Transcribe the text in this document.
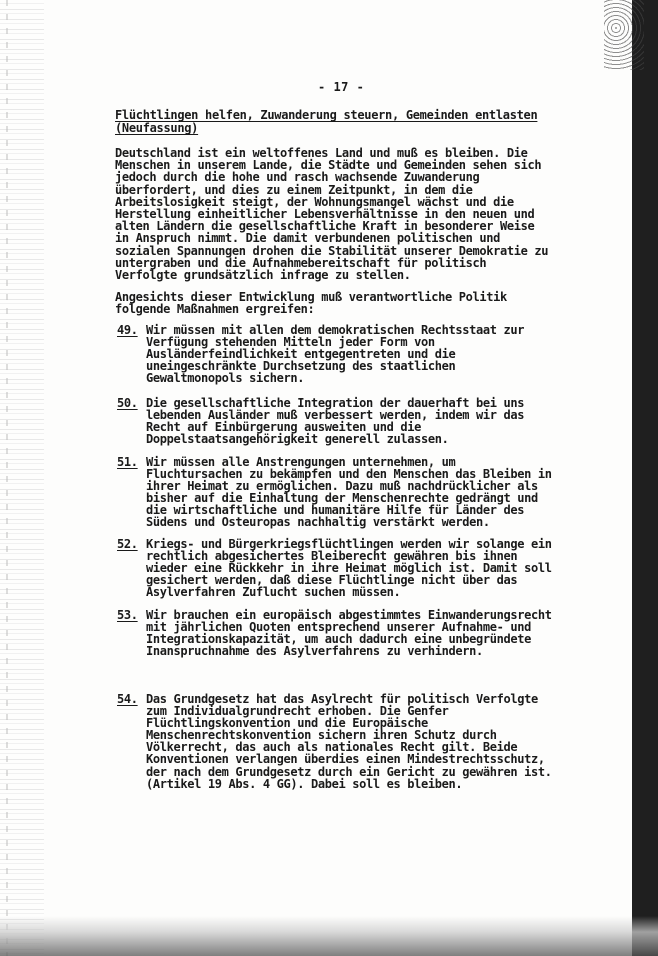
- 17 -
Flüchtlingen helfen, Zuwanderung steuern, Gemeinden entlasten
(Neufassung)

Deutschland ist ein weltoffenes Land und muß es bleiben. Die
Menschen in unserem Lande, die Städte und Gemeinden sehen sich
jedoch durch die hohe und rasch wachsende Zuwanderung
überfordert, und dies zu einem Zeitpunkt, in dem die
Arbeitslosigkeit steigt, der Wohnungsmangel wächst und die
Herstellung einheitlicher Lebensverhältnisse in den neuen und
alten Ländern die gesellschaftliche Kraft in besonderer Weise
in Anspruch nimmt. Die damit verbundenen politischen und
sozialen Spannungen drohen die Stabilität unserer Demokratie zu
untergraben und die Aufnahmebereitschaft für politisch
Verfolgte grundsätzlich infrage zu stellen.

Angesichts dieser Entwicklung muß verantwortliche Politik
folgende Maßnahmen ergreifen:

49. Wir müssen mit allen dem demokratischen Rechtsstaat zur
Verfügung stehenden Mitteln jeder Form von
Ausländerfeindlichkeit entgegentreten und die
uneingeschränkte Durchsetzung des staatlichen
Gewaltmonopols sichern.

50. Die gesellschaftliche Integration der dauerhaft bei uns
lebenden Ausländer muß verbessert werden, indem wir das
Recht auf Einbürgerung ausweiten und die
Doppelstaatsangehörigkeit generell zulassen.

51. Wir müssen alle Anstrengungen unternehmen, um
Fluchtursachen zu bekämpfen und den Menschen das Bleiben in
ihrer Heimat zu ermöglichen. Dazu muß nachdrücklicher als
bisher auf die Einhaltung der Menschenrechte gedrängt und
die wirtschaftliche und humanitäre Hilfe für Länder des
Südens und Osteuropas nachhaltig verstärkt werden.

52. Kriegs- und Bürgerkriegsflüchtlingen werden wir solange ein
rechtlich abgesichertes Bleiberecht gewähren bis ihnen
wieder eine Rückkehr in ihre Heimat möglich ist. Damit soll
gesichert werden, daß diese Flüchtlinge nicht über das
Asylverfahren Zuflucht suchen müssen.

53. Wir brauchen ein europäisch abgestimmtes Einwanderungsrecht
mit jährlichen Quoten entsprechend unserer Aufnahme- und
Integrationskapazität, um auch dadurch eine unbegründete
Inanspruchnahme des Asylverfahrens zu verhindern.

54. Das Grundgesetz hat das Asylrecht für politisch Verfolgte
zum Individualgrundrecht erhoben. Die Genfer
Flüchtlingskonvention und die Europäische
Menschenrechtskonvention sichern ihren Schutz durch
Völkerrecht, das auch als nationales Recht gilt. Beide
Konventionen verlangen überdies einen Mindestrechtsschutz,
der nach dem Grundgesetz durch ein Gericht zu gewähren ist.
(Artikel 19 Abs. 4 GG). Dabei soll es bleiben.
